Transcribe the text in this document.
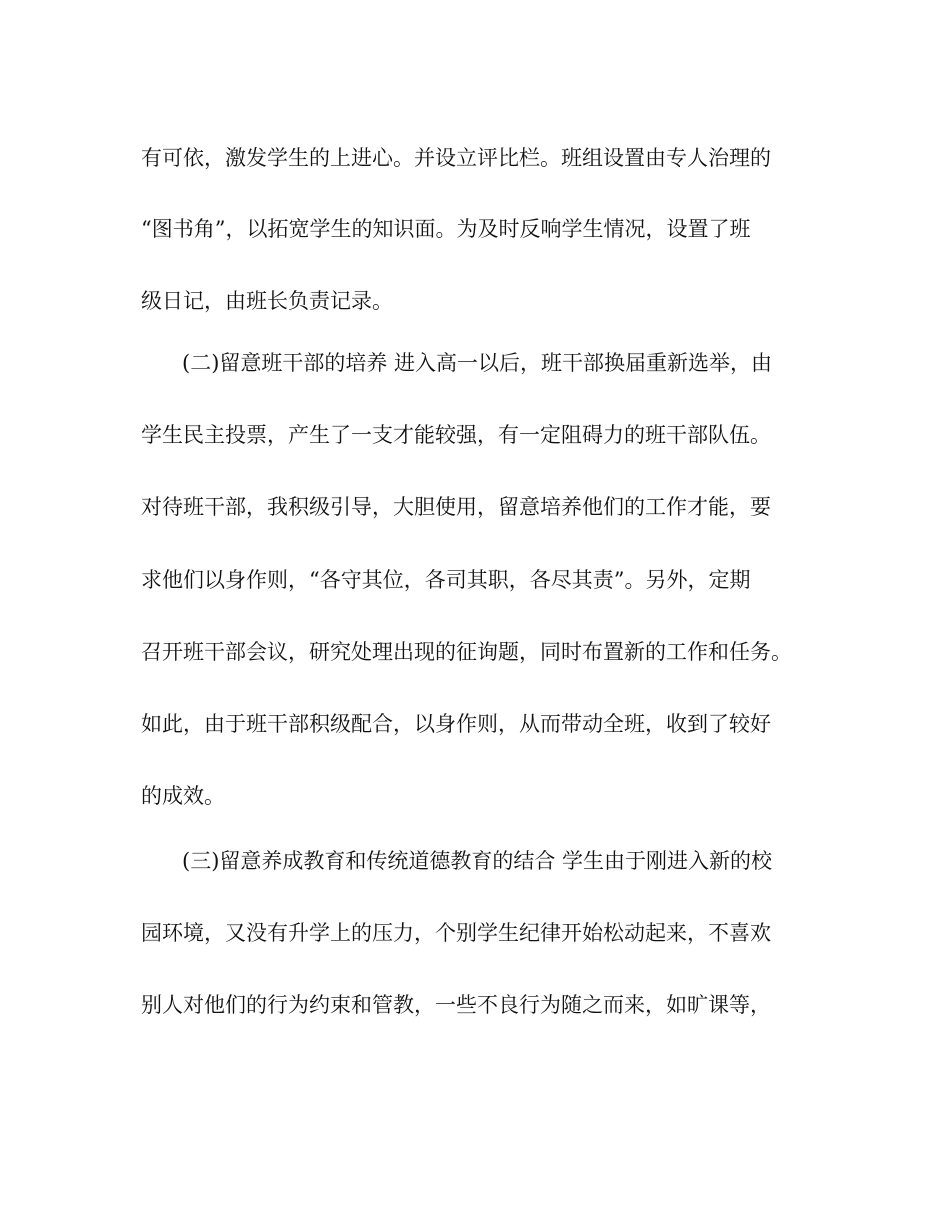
有可依，激发学生的上进心。并设立评比栏。班组设置由专人治理的
“图书角”，以拓宽学生的知识面。为及时反响学生情况，设置了班
级日记，由班长负责记录。
(二)留意班干部的培养 进入高一以后，班干部换届重新选举，由
学生民主投票，产生了一支才能较强，有一定阻碍力的班干部队伍。
对待班干部，我积级引导，大胆使用，留意培养他们的工作才能，要
求他们以身作则，“各守其位，各司其职，各尽其责”。另外，定期
召开班干部会议，研究处理出现的征询题，同时布置新的工作和任务。
如此，由于班干部积级配合，以身作则，从而带动全班，收到了较好
的成效。
(三)留意养成教育和传统道德教育的结合 学生由于刚进入新的校
园环境，又没有升学上的压力，个别学生纪律开始松动起来，不喜欢
别人对他们的行为约束和管教，一些不良行为随之而来，如旷课等，
